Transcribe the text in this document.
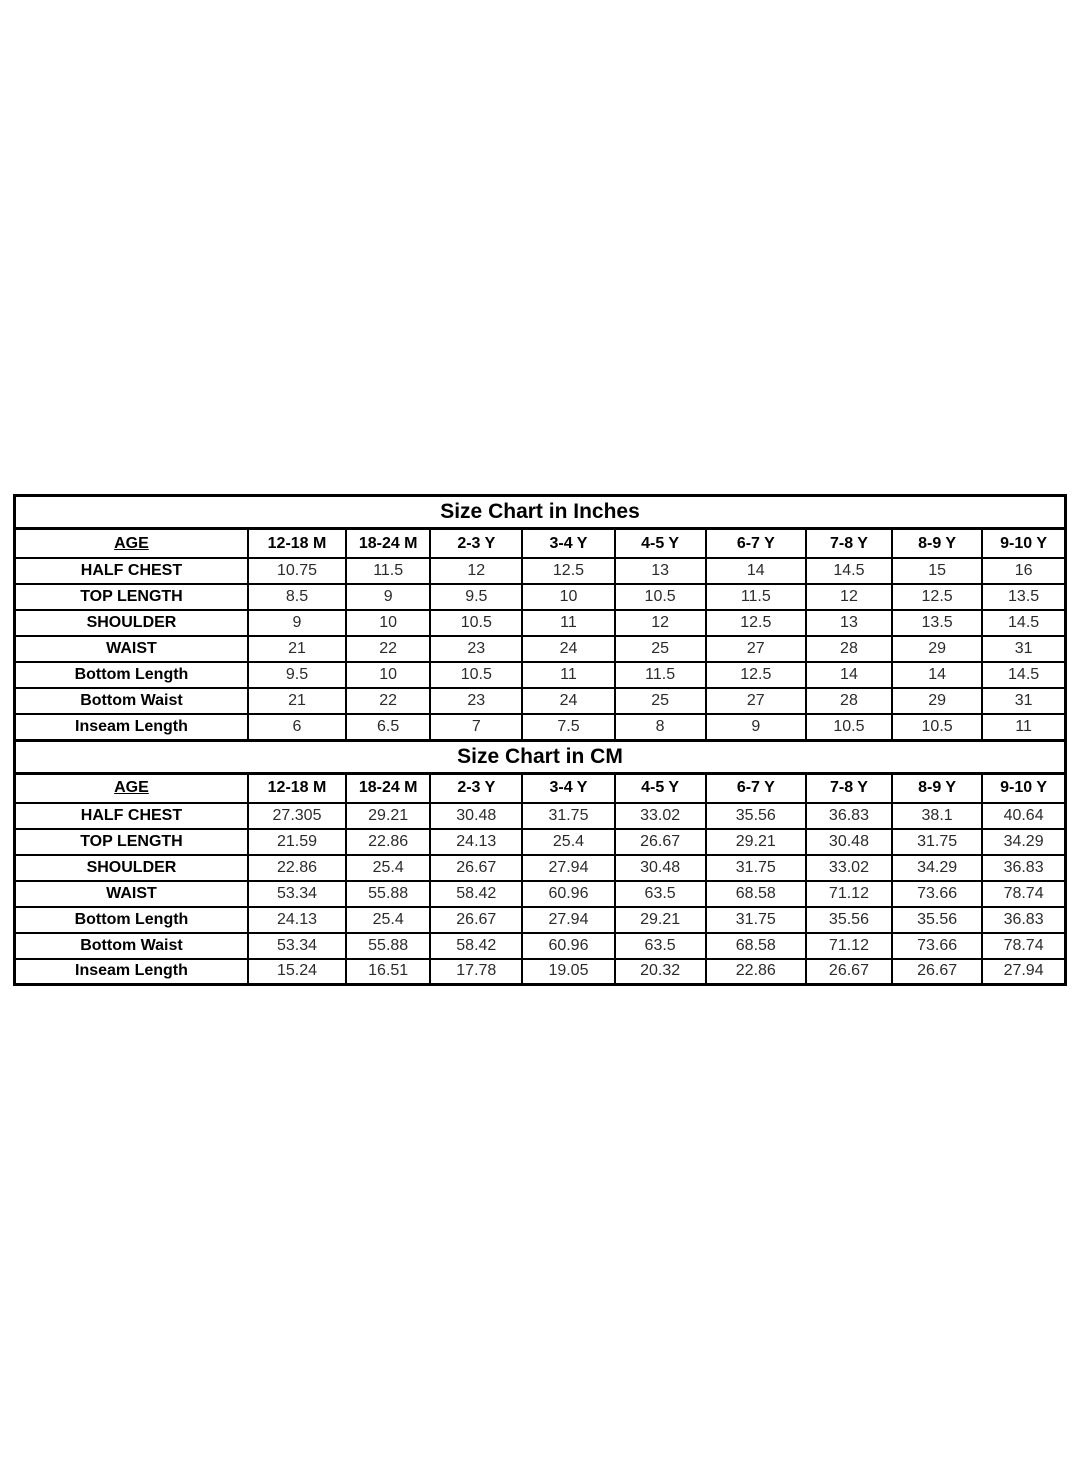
Size Chart in Inches									
AGE	12-18 M	18-24 M	2-3 Y	3-4 Y	4-5 Y	6-7 Y	7-8 Y	8-9 Y	9-10 Y
HALF CHEST	10.75	11.5	12	12.5	13	14	14.5	15	16
TOP LENGTH	8.5	9	9.5	10	10.5	11.5	12	12.5	13.5
SHOULDER	9	10	10.5	11	12	12.5	13	13.5	14.5
WAIST	21	22	23	24	25	27	28	29	31
Bottom Length	9.5	10	10.5	11	11.5	12.5	14	14	14.5
Bottom Waist	21	22	23	24	25	27	28	29	31
Inseam Length	6	6.5	7	7.5	8	9	10.5	10.5	11
Size Chart in CM									
AGE	12-18 M	18-24 M	2-3 Y	3-4 Y	4-5 Y	6-7 Y	7-8 Y	8-9 Y	9-10 Y
HALF CHEST	27.305	29.21	30.48	31.75	33.02	35.56	36.83	38.1	40.64
TOP LENGTH	21.59	22.86	24.13	25.4	26.67	29.21	30.48	31.75	34.29
SHOULDER	22.86	25.4	26.67	27.94	30.48	31.75	33.02	34.29	36.83
WAIST	53.34	55.88	58.42	60.96	63.5	68.58	71.12	73.66	78.74
Bottom Length	24.13	25.4	26.67	27.94	29.21	31.75	35.56	35.56	36.83
Bottom Waist	53.34	55.88	58.42	60.96	63.5	68.58	71.12	73.66	78.74
Inseam Length	15.24	16.51	17.78	19.05	20.32	22.86	26.67	26.67	27.94
